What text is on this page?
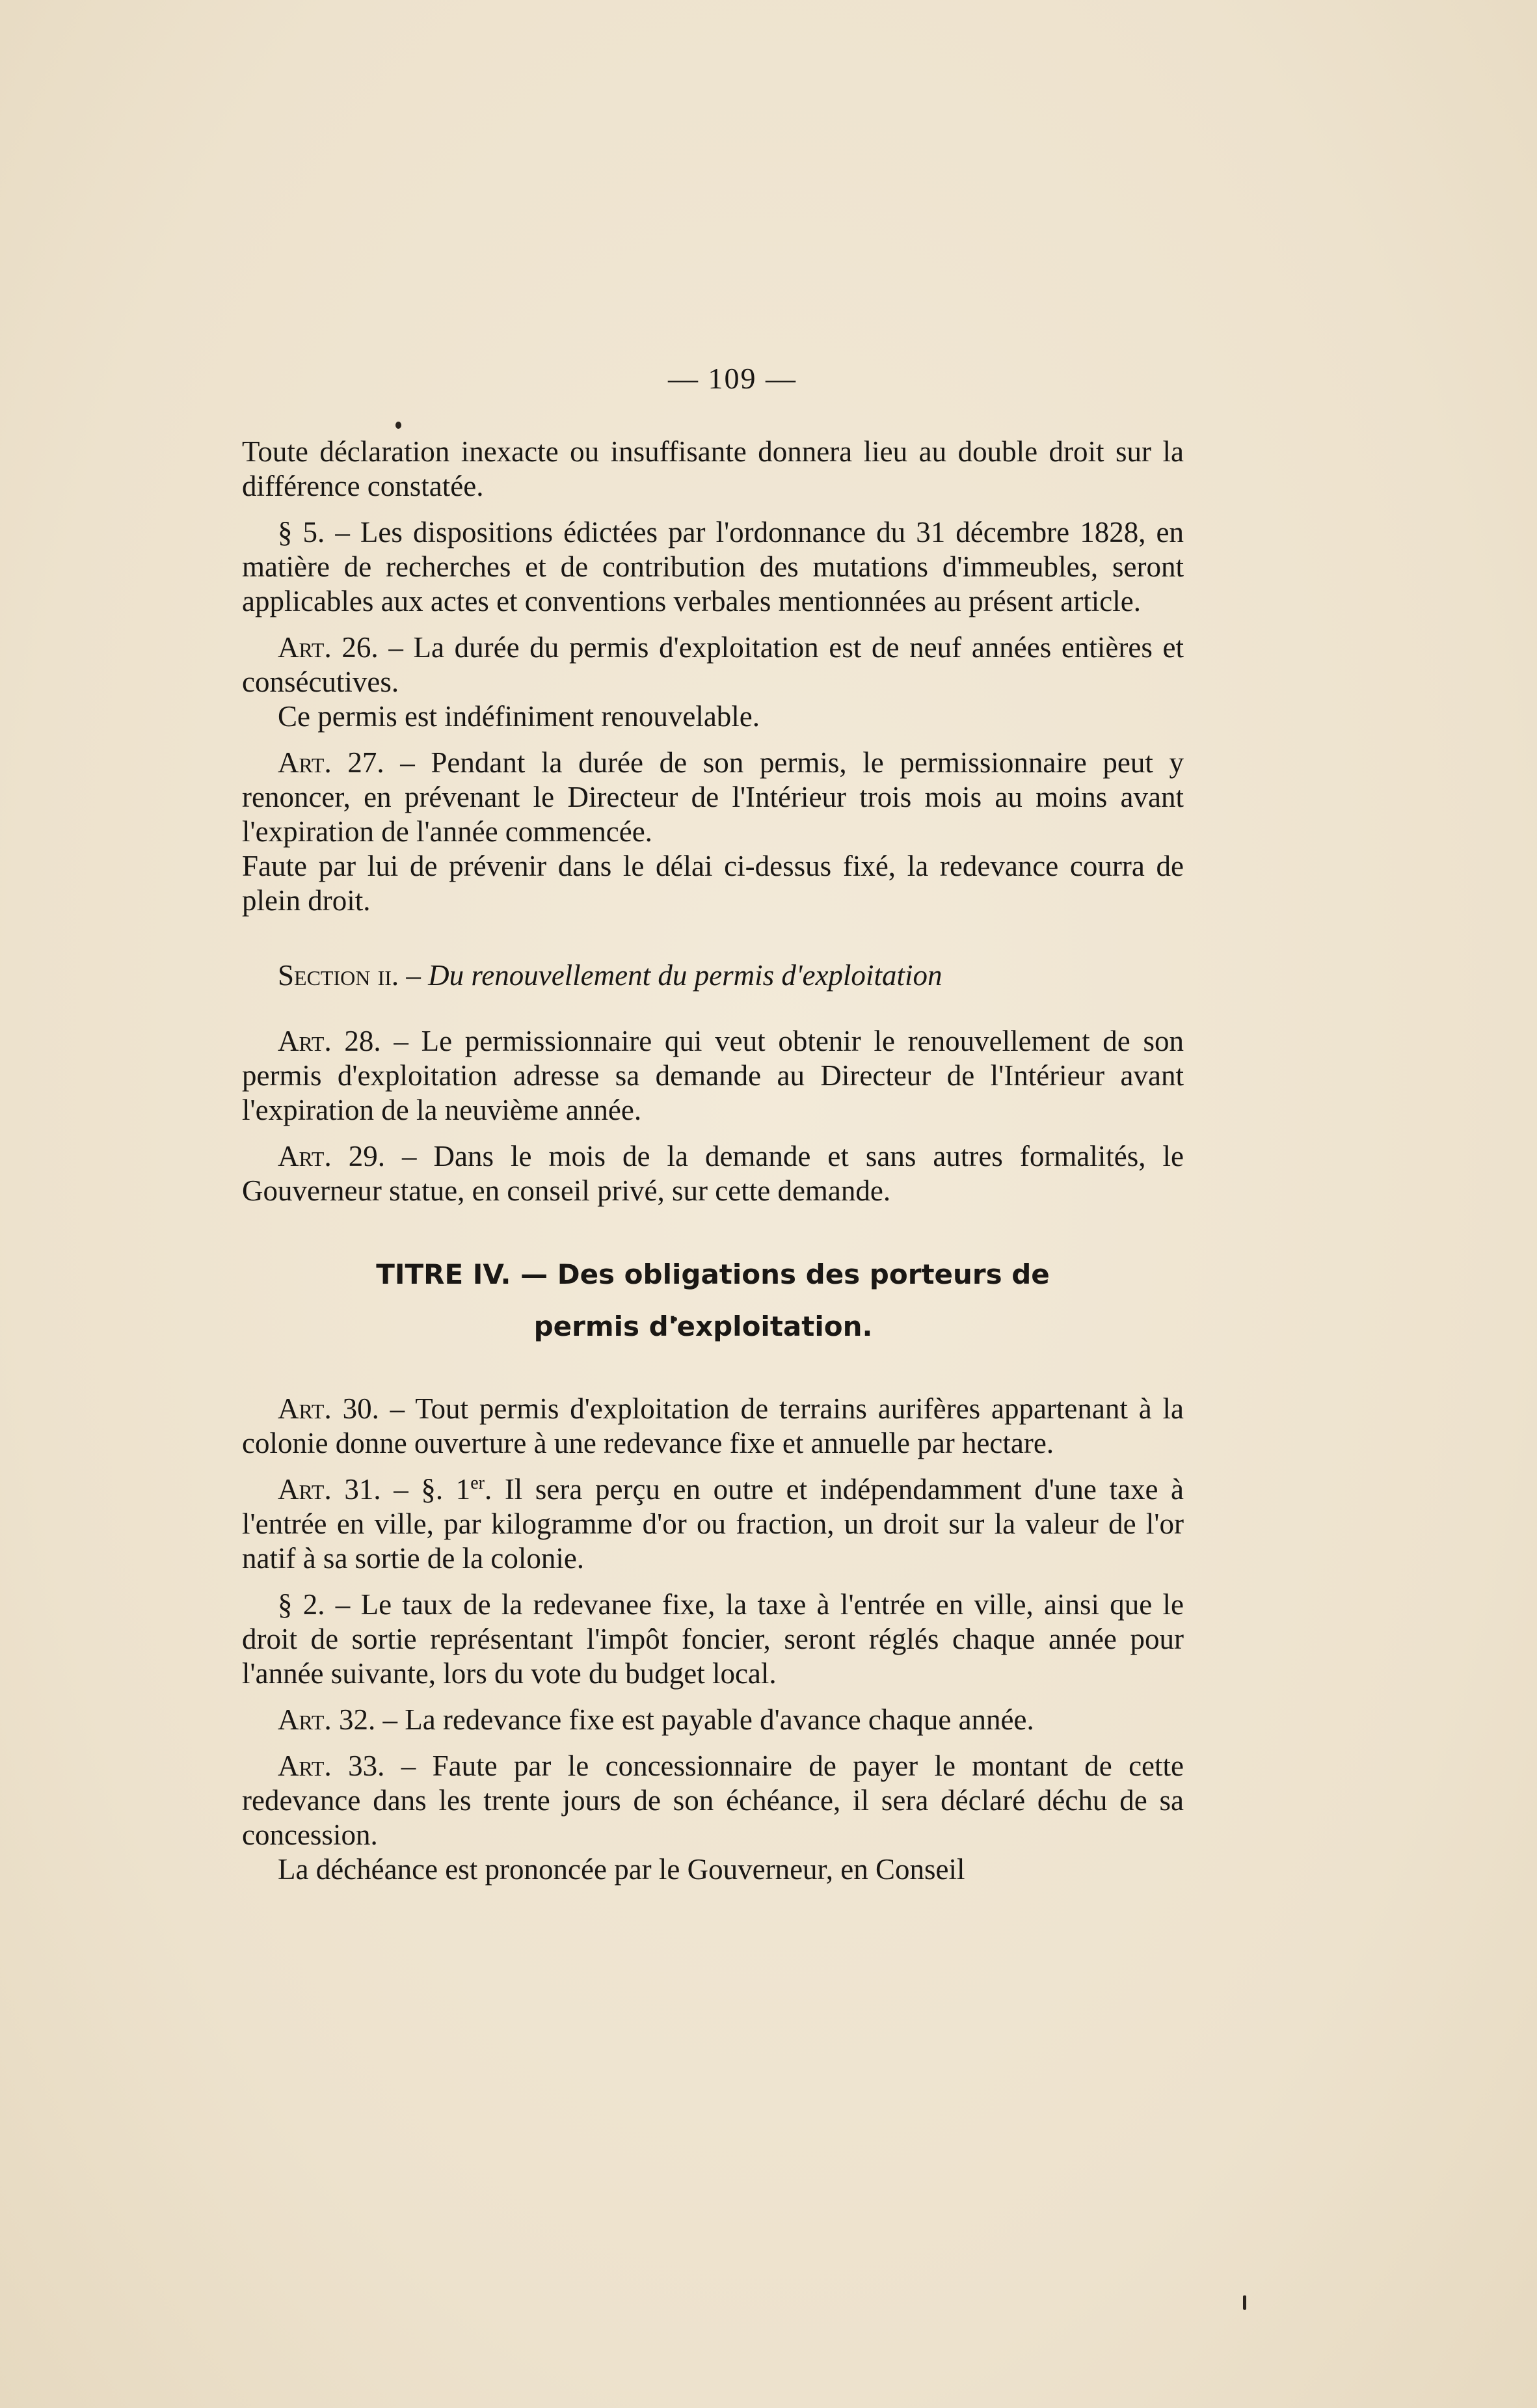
— 109 —

Toute déclaration inexacte ou insuffisante donnera lieu au double droit sur la différence constatée.

§ 5. – Les dispositions édictées par l'ordonnance du 31 décembre 1828, en matière de recherches et de contribution des mutations d'immeubles, seront applicables aux actes et conventions verbales mentionnées au présent article.

Art. 26. – La durée du permis d'exploitation est de neuf années entières et consécutives.

Ce permis est indéfiniment renouvelable.

Art. 27. – Pendant la durée de son permis, le permissionnaire peut y renoncer, en prévenant le Directeur de l'Intérieur trois mois au moins avant l'expiration de l'année commencée.

Faute par lui de prévenir dans le délai ci-dessus fixé, la redevance courra de plein droit.

Section ii. – Du renouvellement du permis d'exploitation

Art. 28. – Le permissionnaire qui veut obtenir le renouvellement de son permis d'exploitation adresse sa demande au Directeur de l'Intérieur avant l'expiration de la neuvième année.

Art. 29. – Dans le mois de la demande et sans autres formalités, le Gouverneur statue, en conseil privé, sur cette demande.

TITRE IV. — Des obligations des porteurs de
permis d'exploitation.

Art. 30. – Tout permis d'exploitation de terrains aurifères appartenant à la colonie donne ouverture à une redevance fixe et annuelle par hectare.

Art. 31. – §. 1er. Il sera perçu en outre et indépendamment d'une taxe à l'entrée en ville, par kilogramme d'or ou fraction, un droit sur la valeur de l'or natif à sa sortie de la colonie.

§ 2. – Le taux de la redevanee fixe, la taxe à l'entrée en ville, ainsi que le droit de sortie représentant l'impôt foncier, seront réglés chaque année pour l'année suivante, lors du vote du budget local.

Art. 32. – La redevance fixe est payable d'avance chaque année.

Art. 33. – Faute par le concessionnaire de payer le montant de cette redevance dans les trente jours de son échéance, il sera déclaré déchu de sa concession.

La déchéance est prononcée par le Gouverneur, en Conseil
